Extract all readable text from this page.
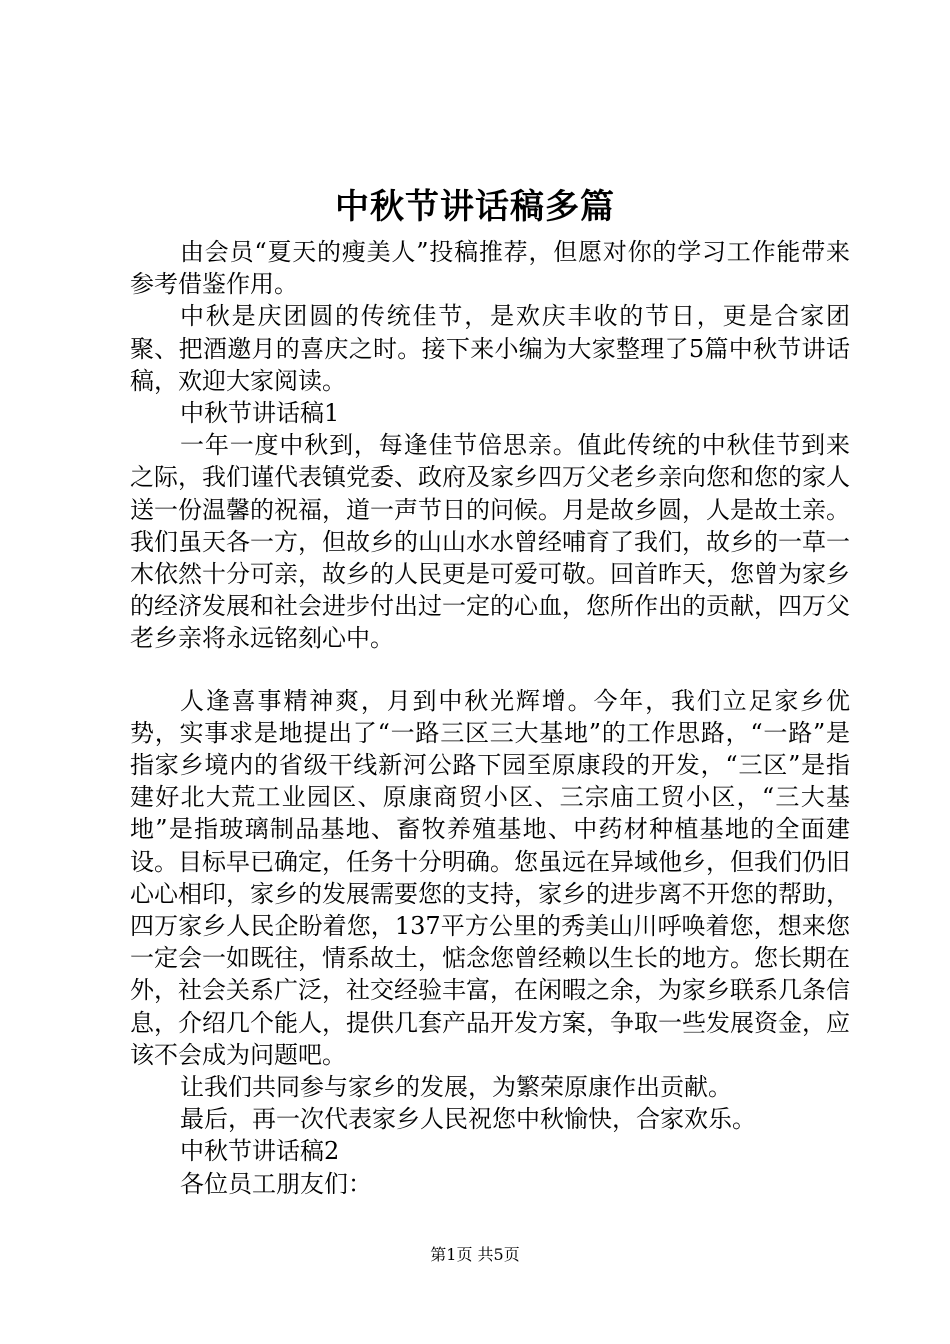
中秋节讲话稿多篇

由会员“夏天的瘦美人”投稿推荐，但愿对你的学习工作能带来参考借鉴作用。

中秋是庆团圆的传统佳节，是欢庆丰收的节日，更是合家团聚、把酒邀月的喜庆之时。接下来小编为大家整理了5篇中秋节讲话稿，欢迎大家阅读。

中秋节讲话稿1

一年一度中秋到，每逢佳节倍思亲。值此传统的中秋佳节到来之际，我们谨代表镇党委、政府及家乡四万父老乡亲向您和您的家人送一份温馨的祝福，道一声节日的问候。月是故乡圆，人是故土亲。我们虽天各一方，但故乡的山山水水曾经哺育了我们，故乡的一草一木依然十分可亲，故乡的人民更是可爱可敬。回首昨天，您曾为家乡的经济发展和社会进步付出过一定的心血，您所作出的贡献，四万父老乡亲将永远铭刻心中。

人逢喜事精神爽，月到中秋光辉增。今年，我们立足家乡优势，实事求是地提出了“一路三区三大基地”的工作思路，“一路”是指家乡境内的省级干线新河公路下园至原康段的开发，“三区”是指建好北大荒工业园区、原康商贸小区、三宗庙工贸小区，“三大基地”是指玻璃制品基地、畜牧养殖基地、中药材种植基地的全面建设。目标早已确定，任务十分明确。您虽远在异域他乡，但我们仍旧心心相印，家乡的发展需要您的支持，家乡的进步离不开您的帮助，四万家乡人民企盼着您，137平方公里的秀美山川呼唤着您，想来您一定会一如既往，情系故土，惦念您曾经赖以生长的地方。您长期在外，社会关系广泛，社交经验丰富，在闲暇之余，为家乡联系几条信息，介绍几个能人，提供几套产品开发方案，争取一些发展资金，应该不会成为问题吧。

让我们共同参与家乡的发展，为繁荣原康作出贡献。

最后，再一次代表家乡人民祝您中秋愉快，合家欢乐。

中秋节讲话稿2

各位员工朋友们：

第1页 共5页
